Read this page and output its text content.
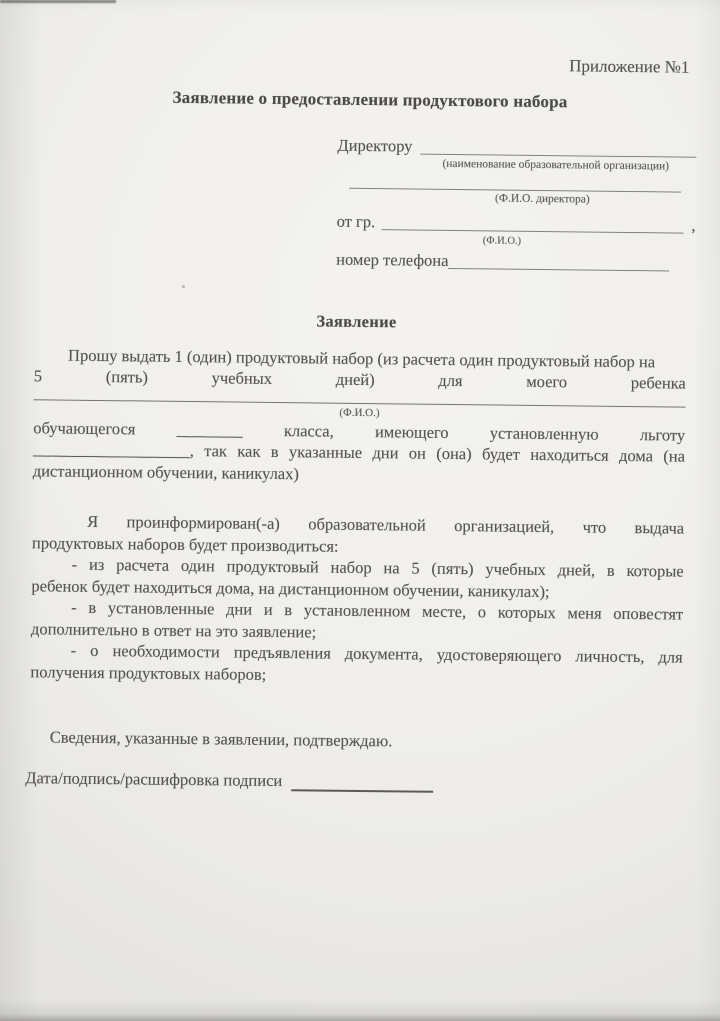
Приложение №1
Заявление о предоставлении продуктового набора
Директору
(наименование образовательной организации)
(Ф.И.О. директора)
от гр.	,
(Ф.И.О.)
номер телефона
Заявление
Прошу выдать 1 (один) продуктовый набор (из расчета один продуктовый набор на
5 (пять) учебных дней) для моего ребенка
(Ф.И.О.)
обучающегося ________ класса, имеющего установленную льготу
___________________, так как в указанные дни он (она) будет находиться дома (на
дистанционном обучении, каникулах)
Я проинформирован(-а) образовательной организацией, что выдача
продуктовых наборов будет производиться:
- из расчета один продуктовый набор на 5 (пять) учебных дней, в которые
ребенок будет находиться дома, на дистанционном обучении, каникулах);
- в установленные дни и в установленном месте, о которых меня оповестят
дополнительно в ответ на это заявление;
- о необходимости предъявления документа, удостоверяющего личность, для
получения продуктовых наборов;
Сведения, указанные в заявлении, подтверждаю.
Дата/подпись/расшифровка подписи
